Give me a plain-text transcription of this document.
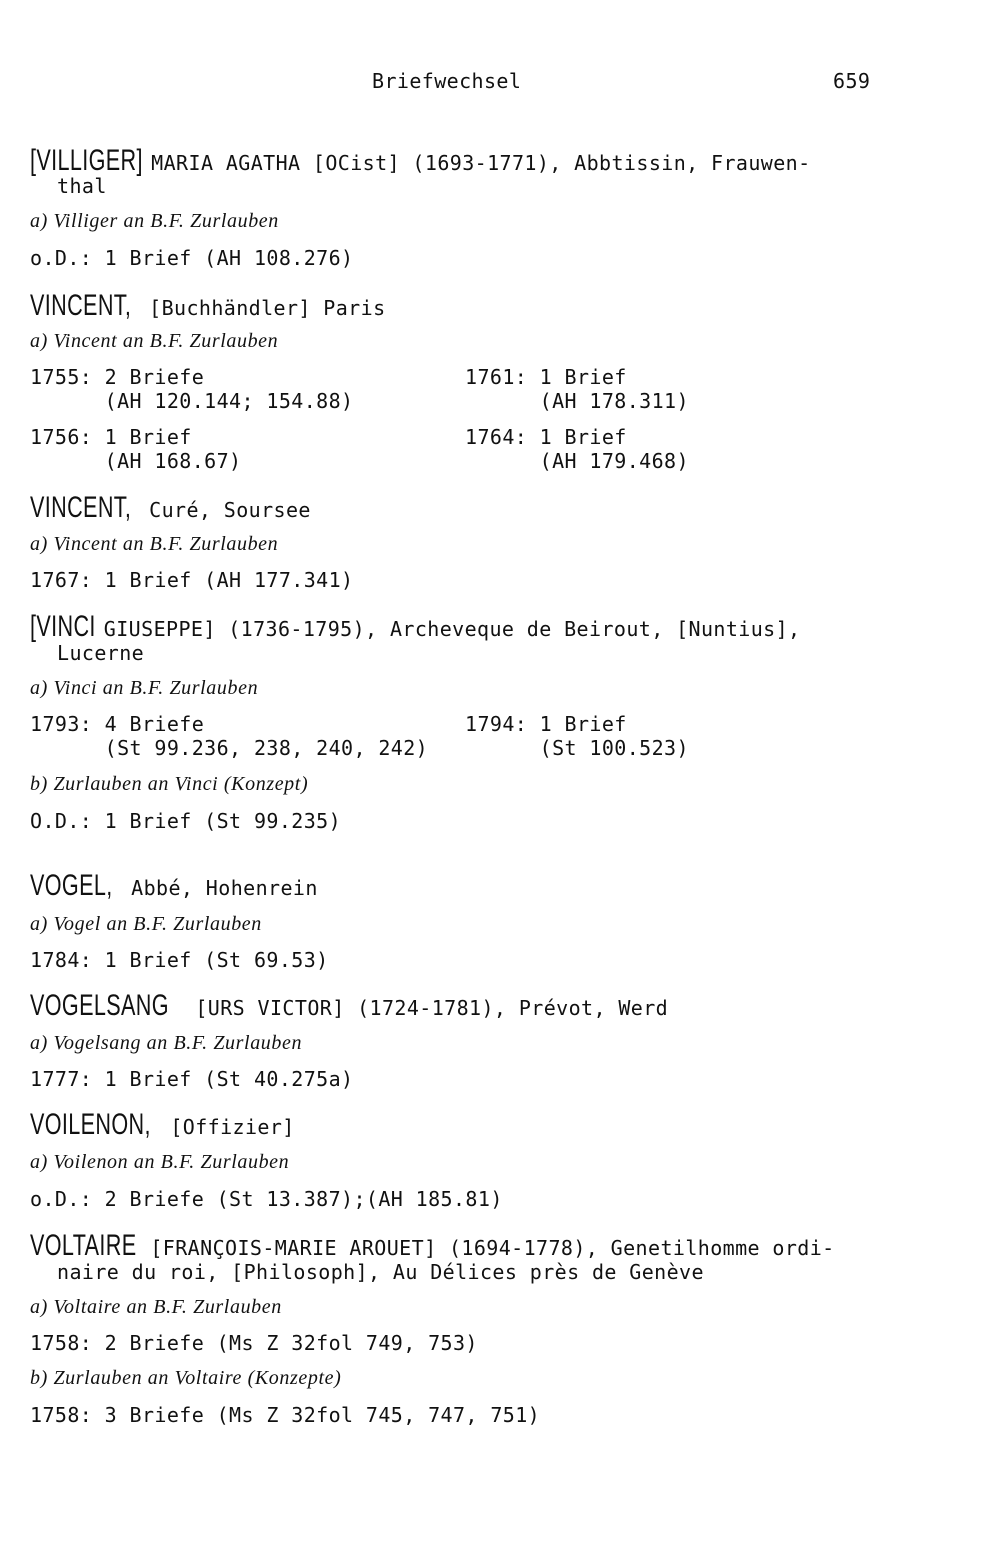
Briefwechsel	659
[VILLIGER] MARIA AGATHA [OCist] (1693-1771), Abbtissin, Frauwen-
thal
a) Villiger an B.F. Zurlauben
o.D.: 1 Brief (AH 108.276)
VINCENT, [Buchhändler] Paris
a) Vincent an B.F. Zurlauben
1755: 2 Briefe
(AH 120.144; 154.88)
1761: 1 Brief
(AH 178.311)
1756: 1 Brief
(AH 168.67)
1764: 1 Brief
(AH 179.468)
VINCENT, Curé, Soursee
a) Vincent an B.F. Zurlauben
1767: 1 Brief (AH 177.341)
[VINCI GIUSEPPE] (1736-1795), Archeveque de Beirout, [Nuntius],
Lucerne
a) Vinci an B.F. Zurlauben
1793: 4 Briefe
(St 99.236, 238, 240, 242)
1794: 1 Brief
(St 100.523)
b) Zurlauben an Vinci (Konzept)
O.D.: 1 Brief (St 99.235)
VOGEL, Abbé, Hohenrein
a) Vogel an B.F. Zurlauben
1784: 1 Brief (St 69.53)
VOGELSANG [URS VICTOR] (1724-1781), Prévot, Werd
a) Vogelsang an B.F. Zurlauben
1777: 1 Brief (St 40.275a)
VOILENON, [Offizier]
a) Voilenon an B.F. Zurlauben
o.D.: 2 Briefe (St 13.387);(AH 185.81)
VOLTAIRE [FRANÇOIS-MARIE AROUET] (1694-1778), Genetilhomme ordi-
naire du roi, [Philosoph], Au Délices près de Genève
a) Voltaire an B.F. Zurlauben
1758: 2 Briefe (Ms Z 32fol 749, 753)
b) Zurlauben an Voltaire (Konzepte)
1758: 3 Briefe (Ms Z 32fol 745, 747, 751)
